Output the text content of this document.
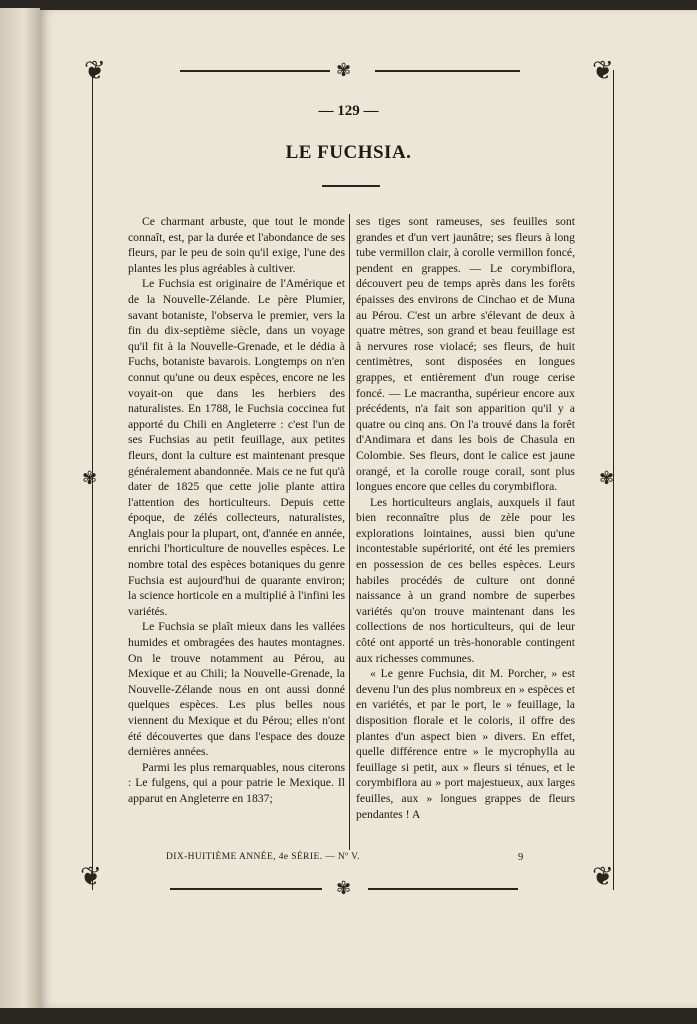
❦	❦
❦	❦
✾
✾
✾	✾
— 129 —
LE FUCHSIA.

Ce charmant arbuste, que tout le monde connaît, est, par la durée et l'abondance de ses fleurs, par le peu de soin qu'il exige, l'une des plantes les plus agréables à cultiver.

Le Fuchsia est originaire de l'Amérique et de la Nouvelle-Zélande. Le père Plumier, savant botaniste, l'observa le premier, vers la fin du dix-septième siècle, dans un voyage qu'il fit à la Nouvelle-Grenade, et le dédia à Fuchs, botaniste bavarois. Longtemps on n'en connut qu'une ou deux espèces, encore ne les voyait-on que dans les herbiers des naturalistes. En 1788, le Fuchsia coccinea fut apporté du Chili en Angleterre : c'est l'un de ses Fuchsias au petit feuillage, aux petites fleurs, dont la culture est maintenant presque généralement abandonnée. Mais ce ne fut qu'à dater de 1825 que cette jolie plante attira l'attention des horticulteurs. Depuis cette époque, de zélés collecteurs, naturalistes, Anglais pour la plupart, ont, d'année en année, enrichi l'horticulture de nouvelles espèces. Le nombre total des espèces botaniques du genre Fuchsia est aujourd'hui de quarante environ; la science horticole en a multiplié à l'infini les variétés.

Le Fuchsia se plaît mieux dans les vallées humides et ombragées des hautes montagnes. On le trouve notamment au Pérou, au Mexique et au Chili; la Nouvelle-Grenade, la Nouvelle-Zélande nous en ont aussi donné quelques espèces. Les plus belles nous viennent du Mexique et du Pérou; elles n'ont été découvertes que dans l'espace des douze dernières années.

Parmi les plus remarquables, nous citerons : Le fulgens, qui a pour patrie le Mexique. Il apparut en Angleterre en 1837;

ses tiges sont rameuses, ses feuilles sont grandes et d'un vert jaunâtre; ses fleurs à long tube vermillon clair, à corolle vermillon foncé, pendent en grappes. — Le corymbiflora, découvert peu de temps après dans les forêts épaisses des environs de Cinchao et de Muna au Pérou. C'est un arbre s'élevant de deux à quatre mètres, son grand et beau feuillage est à nervures rose violacé; ses fleurs, de huit centimètres, sont disposées en longues grappes, et entièrement d'un rouge cerise foncé. — Le macrantha, supérieur encore aux précédents, n'a fait son apparition qu'il y a quatre ou cinq ans. On l'a trouvé dans la forêt d'Andimara et dans les bois de Chasula en Colombie. Ses fleurs, dont le calice est jaune orangé, et la corolle rouge corail, sont plus longues encore que celles du corymbiflora.

Les horticulteurs anglais, auxquels il faut bien reconnaître plus de zèle pour les explorations lointaines, aussi bien qu'une incontestable supériorité, ont été les premiers en possession de ces belles espèces. Leurs habiles procédés de culture ont donné naissance à un grand nombre de superbes variétés qu'on trouve maintenant dans les collections de nos horticulteurs, qui de leur côté ont apporté un très-honorable contingent aux richesses communes.

« Le genre Fuchsia, dit M. Porcher, » est devenu l'un des plus nombreux en » espèces et en variétés, et par le port, le » feuillage, la disposition florale et le coloris, il offre des plantes d'un aspect bien » divers. En effet, quelle différence entre » le mycrophylla au feuillage si petit, aux » fleurs si ténues, et le corymbiflora au » port majestueux, aux larges feuilles, aux » longues grappes de fleurs pendantes ! A

DIX-HUITIÈME ANNÉE, 4e SÉRIE. — Nº V.	9
